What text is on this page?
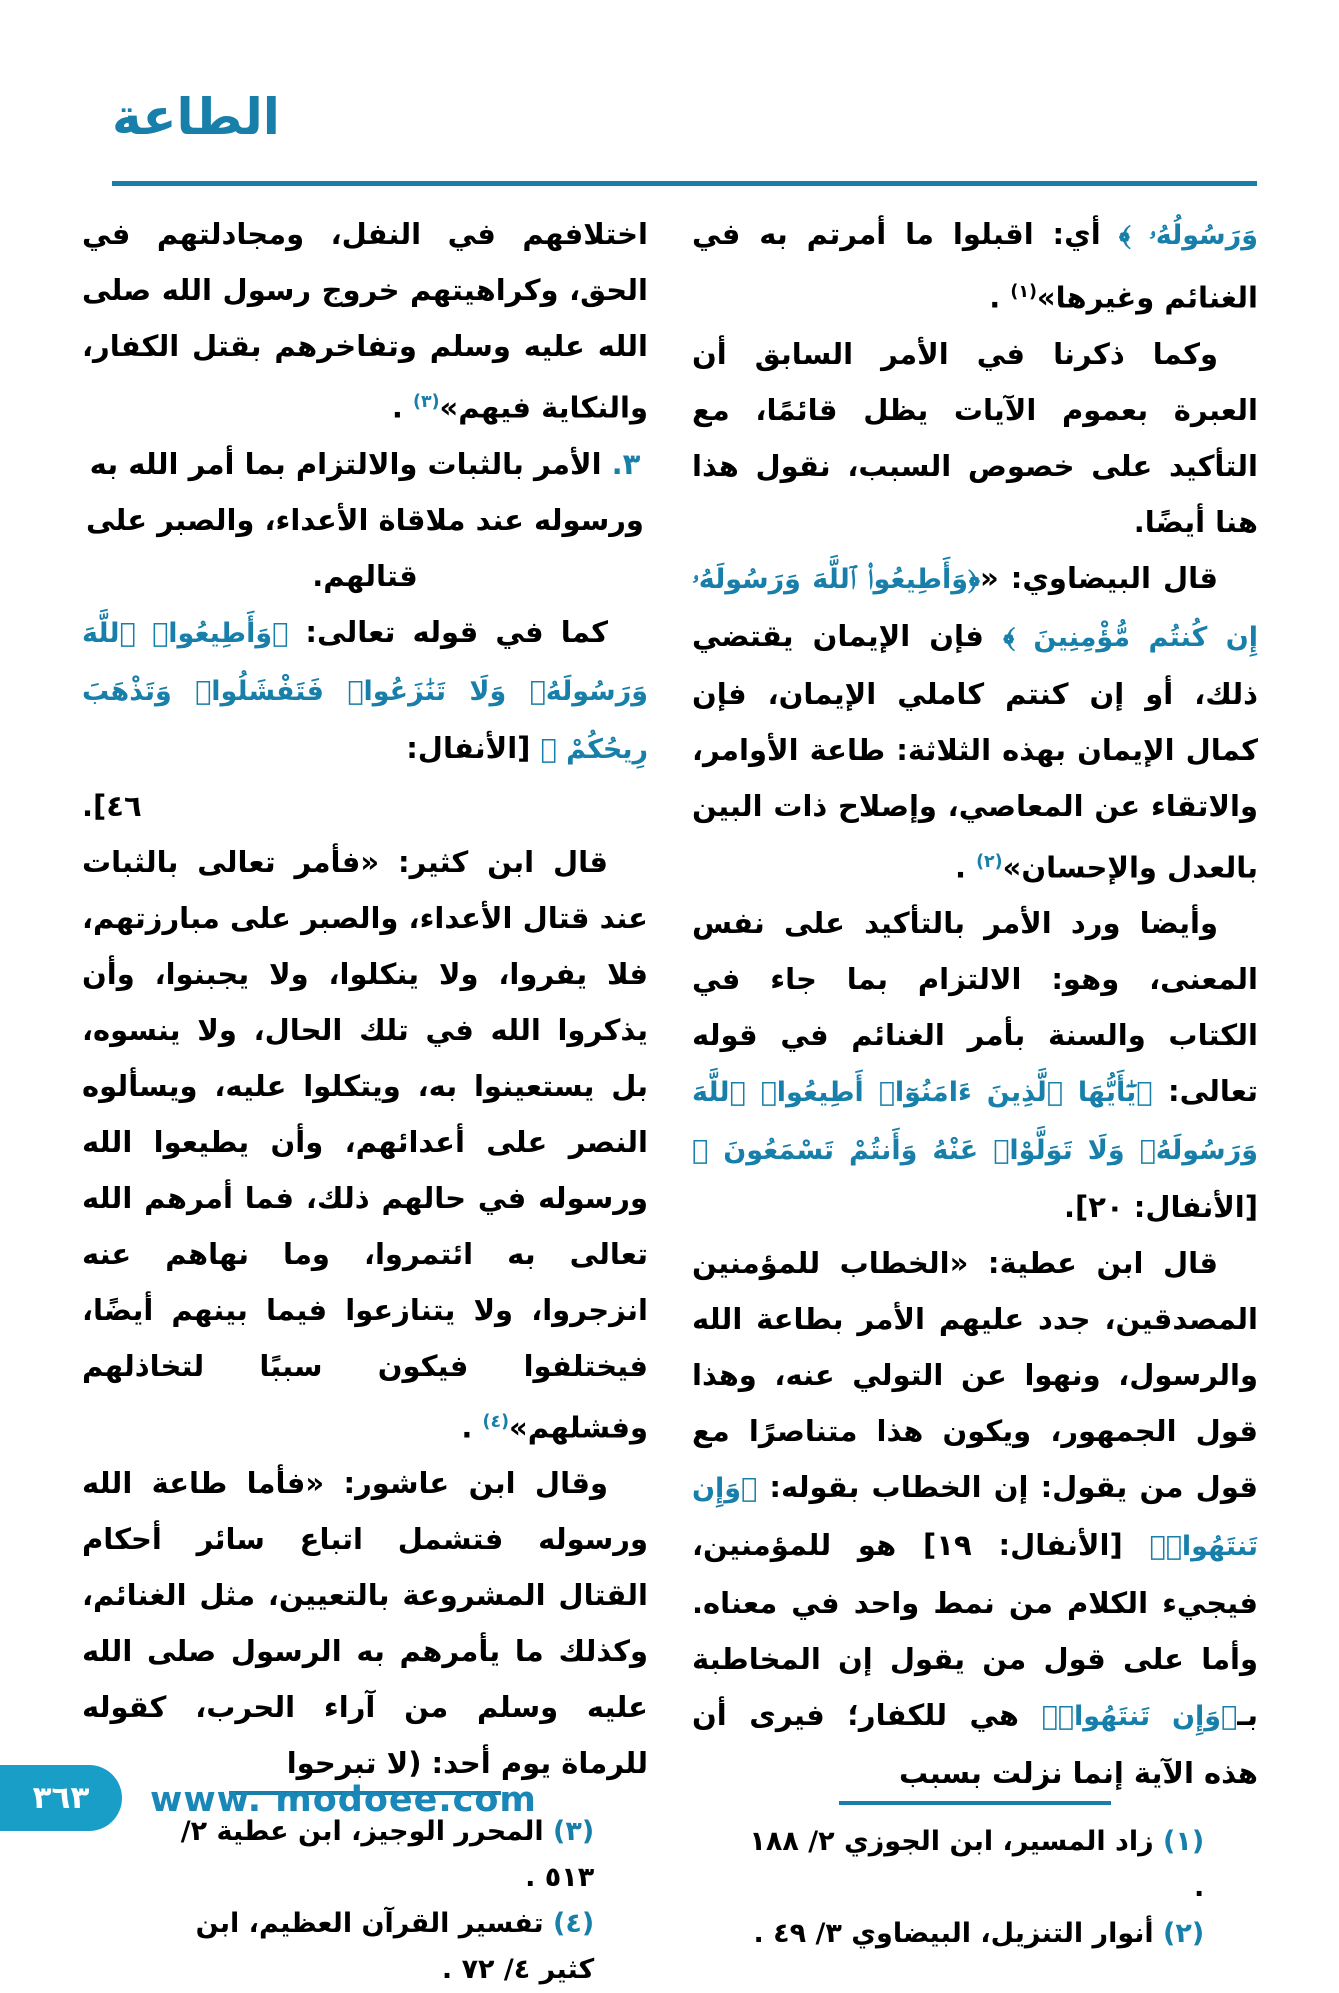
الطاعة

وَرَسُولُهُۥ ﴾ أي: اقبلوا ما أمرتم به في الغنائم وغيرها»$^{(١)}$ .

وكما ذكرنا في الأمر السابق أن العبرة بعموم الآيات يظل قائمًا، مع التأكيد على خصوص السبب، نقول هذا هنا أيضًا.

قال البيضاوي: «﴿وَأَطِيعُوا۟ ٱللَّهَ وَرَسُولَهُۥ إِن كُنتُم مُّؤْمِنِينَ ﴾ فإن الإيمان يقتضي ذلك، أو إن كنتم كاملي الإيمان، فإن كمال الإيمان بهذه الثلاثة: طاعة الأوامر، والاتقاء عن المعاصي، وإصلاح ذات البين بالعدل والإحسان»$^{(٢)}$ .

وأيضا ورد الأمر بالتأكيد على نفس المعنى، وهو: الالتزام بما جاء في الكتاب والسنة بأمر الغنائم في قوله تعالى: ﴿يَٰٓأَيُّهَا ٱلَّذِينَ ءَامَنُوٓا۟ أَطِيعُوا۟ ٱللَّهَ وَرَسُولَهُۥ وَلَا تَوَلَّوْا۟ عَنْهُ وَأَنتُمْ تَسْمَعُونَ ﴾ [الأنفال: ٢٠].

قال ابن عطية: «الخطاب للمؤمنين المصدقين، جدد عليهم الأمر بطاعة الله والرسول، ونهوا عن التولي عنه، وهذا قول الجمهور، ويكون هذا متناصرًا مع قول من يقول: إن الخطاب بقوله: ﴿وَإِن تَنتَهُوا۟﴾ [الأنفال: ١٩] هو للمؤمنين، فيجيء الكلام من نمط واحد في معناه. وأما على قول من يقول إن المخاطبة بـ﴿وَإِن تَنتَهُوا۟﴾ هي للكفار؛ فيرى أن هذه الآية إنما نزلت بسبب

(١) زاد المسير، ابن الجوزي ٢/ ١٨٨ .

(٢) أنوار التنزيل، البيضاوي ٣/ ٤٩ .

اختلافهم في النفل، ومجادلتهم في الحق، وكراهيتهم خروج رسول الله صلى الله عليه وسلم وتفاخرهم بقتل الكفار، والنكاية فيهم»$^{(٣)}$ .

٣. الأمر بالثبات والالتزام بما أمر الله به ورسوله عند ملاقاة الأعداء، والصبر على قتالهم.

كما في قوله تعالى: ﴿وَأَطِيعُوا۟ ٱللَّهَ وَرَسُولَهُۥ وَلَا تَنَٰزَعُوا۟ فَتَفْشَلُوا۟ وَتَذْهَبَ رِيحُكُمْ ﴾ [الأنفال:

٤٦].

قال ابن كثير: «فأمر تعالى بالثبات عند قتال الأعداء، والصبر على مبارزتهم، فلا يفروا، ولا ينكلوا، ولا يجبنوا، وأن يذكروا الله في تلك الحال، ولا ينسوه، بل يستعينوا به، ويتكلوا عليه، ويسألوه النصر على أعدائهم، وأن يطيعوا الله ورسوله في حالهم ذلك، فما أمرهم الله تعالى به ائتمروا، وما نهاهم عنه انزجروا، ولا يتنازعوا فيما بينهم أيضًا، فيختلفوا فيكون سببًا لتخاذلهم وفشلهم»$^{(٤)}$ .

وقال ابن عاشور: «فأما طاعة الله ورسوله فتشمل اتباع سائر أحكام القتال المشروعة بالتعيين، مثل الغنائم، وكذلك ما يأمرهم به الرسول صلى الله عليه وسلم من آراء الحرب، كقوله للرماة يوم أحد: (لا تبرحوا

(٣) المحرر الوجيز، ابن عطية ٢/ ٥١٣ .

(٤) تفسير القرآن العظيم، ابن كثير ٤/ ٧٢ .

٣٦٣	www. modoee.com
